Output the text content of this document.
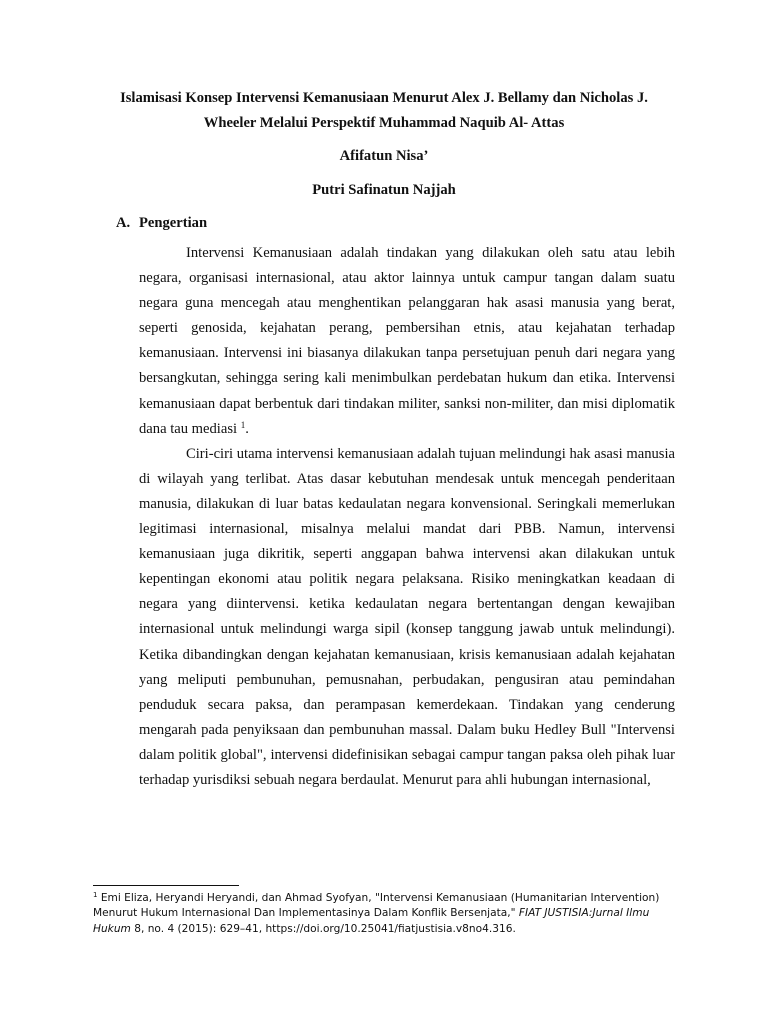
Islamisasi Konsep Intervensi Kemanusiaan Menurut Alex J. Bellamy dan Nicholas J.
Wheeler Melalui Perspektif Muhammad Naquib Al- Attas
Afifatun Nisa’
Putri Safinatun Najjah
A. Pengertian

Intervensi Kemanusiaan adalah tindakan yang dilakukan oleh satu atau lebih negara, organisasi internasional, atau aktor lainnya untuk campur tangan dalam suatu negara guna mencegah atau menghentikan pelanggaran hak asasi manusia yang berat, seperti genosida, kejahatan perang, pembersihan etnis, atau kejahatan terhadap kemanusiaan. Intervensi ini biasanya dilakukan tanpa persetujuan penuh dari negara yang bersangkutan, sehingga sering kali menimbulkan perdebatan hukum dan etika. Intervensi kemanusiaan dapat berbentuk dari tindakan militer, sanksi non-militer, dan misi diplomatik dana tau mediasi $^1$.

Ciri-ciri utama intervensi kemanusiaan adalah tujuan melindungi hak asasi manusia di wilayah yang terlibat. Atas dasar kebutuhan mendesak untuk mencegah penderitaan manusia, dilakukan di luar batas kedaulatan negara konvensional. Seringkali memerlukan legitimasi internasional, misalnya melalui mandat dari PBB. Namun, intervensi kemanusiaan juga dikritik, seperti anggapan bahwa intervensi akan dilakukan untuk kepentingan ekonomi atau politik negara pelaksana. Risiko meningkatkan keadaan di negara yang diintervensi. ketika kedaulatan negara bertentangan dengan kewajiban internasional untuk melindungi warga sipil (konsep tanggung jawab untuk melindungi). Ketika dibandingkan dengan kejahatan kemanusiaan, krisis kemanusiaan adalah kejahatan yang meliputi pembunuhan, pemusnahan, perbudakan, pengusiran atau pemindahan penduduk secara paksa, dan perampasan kemerdekaan. Tindakan yang cenderung mengarah pada penyiksaan dan pembunuhan massal. Dalam buku Hedley Bull "Intervensi dalam politik global", intervensi didefinisikan sebagai campur tangan paksa oleh pihak luar terhadap yurisdiksi sebuah negara berdaulat. Menurut para ahli hubungan internasional,

$^1$ Emi Eliza, Heryandi Heryandi, dan Ahmad Syofyan, "Intervensi Kemanusiaan (Humanitarian Intervention) Menurut Hukum Internasional Dan Implementasinya Dalam Konflik Bersenjata," FIAT JUSTISIA:Jurnal Ilmu Hukum 8, no. 4 (2015): 629–41, https://doi.org/10.25041/fiatjustisia.v8no4.316.
